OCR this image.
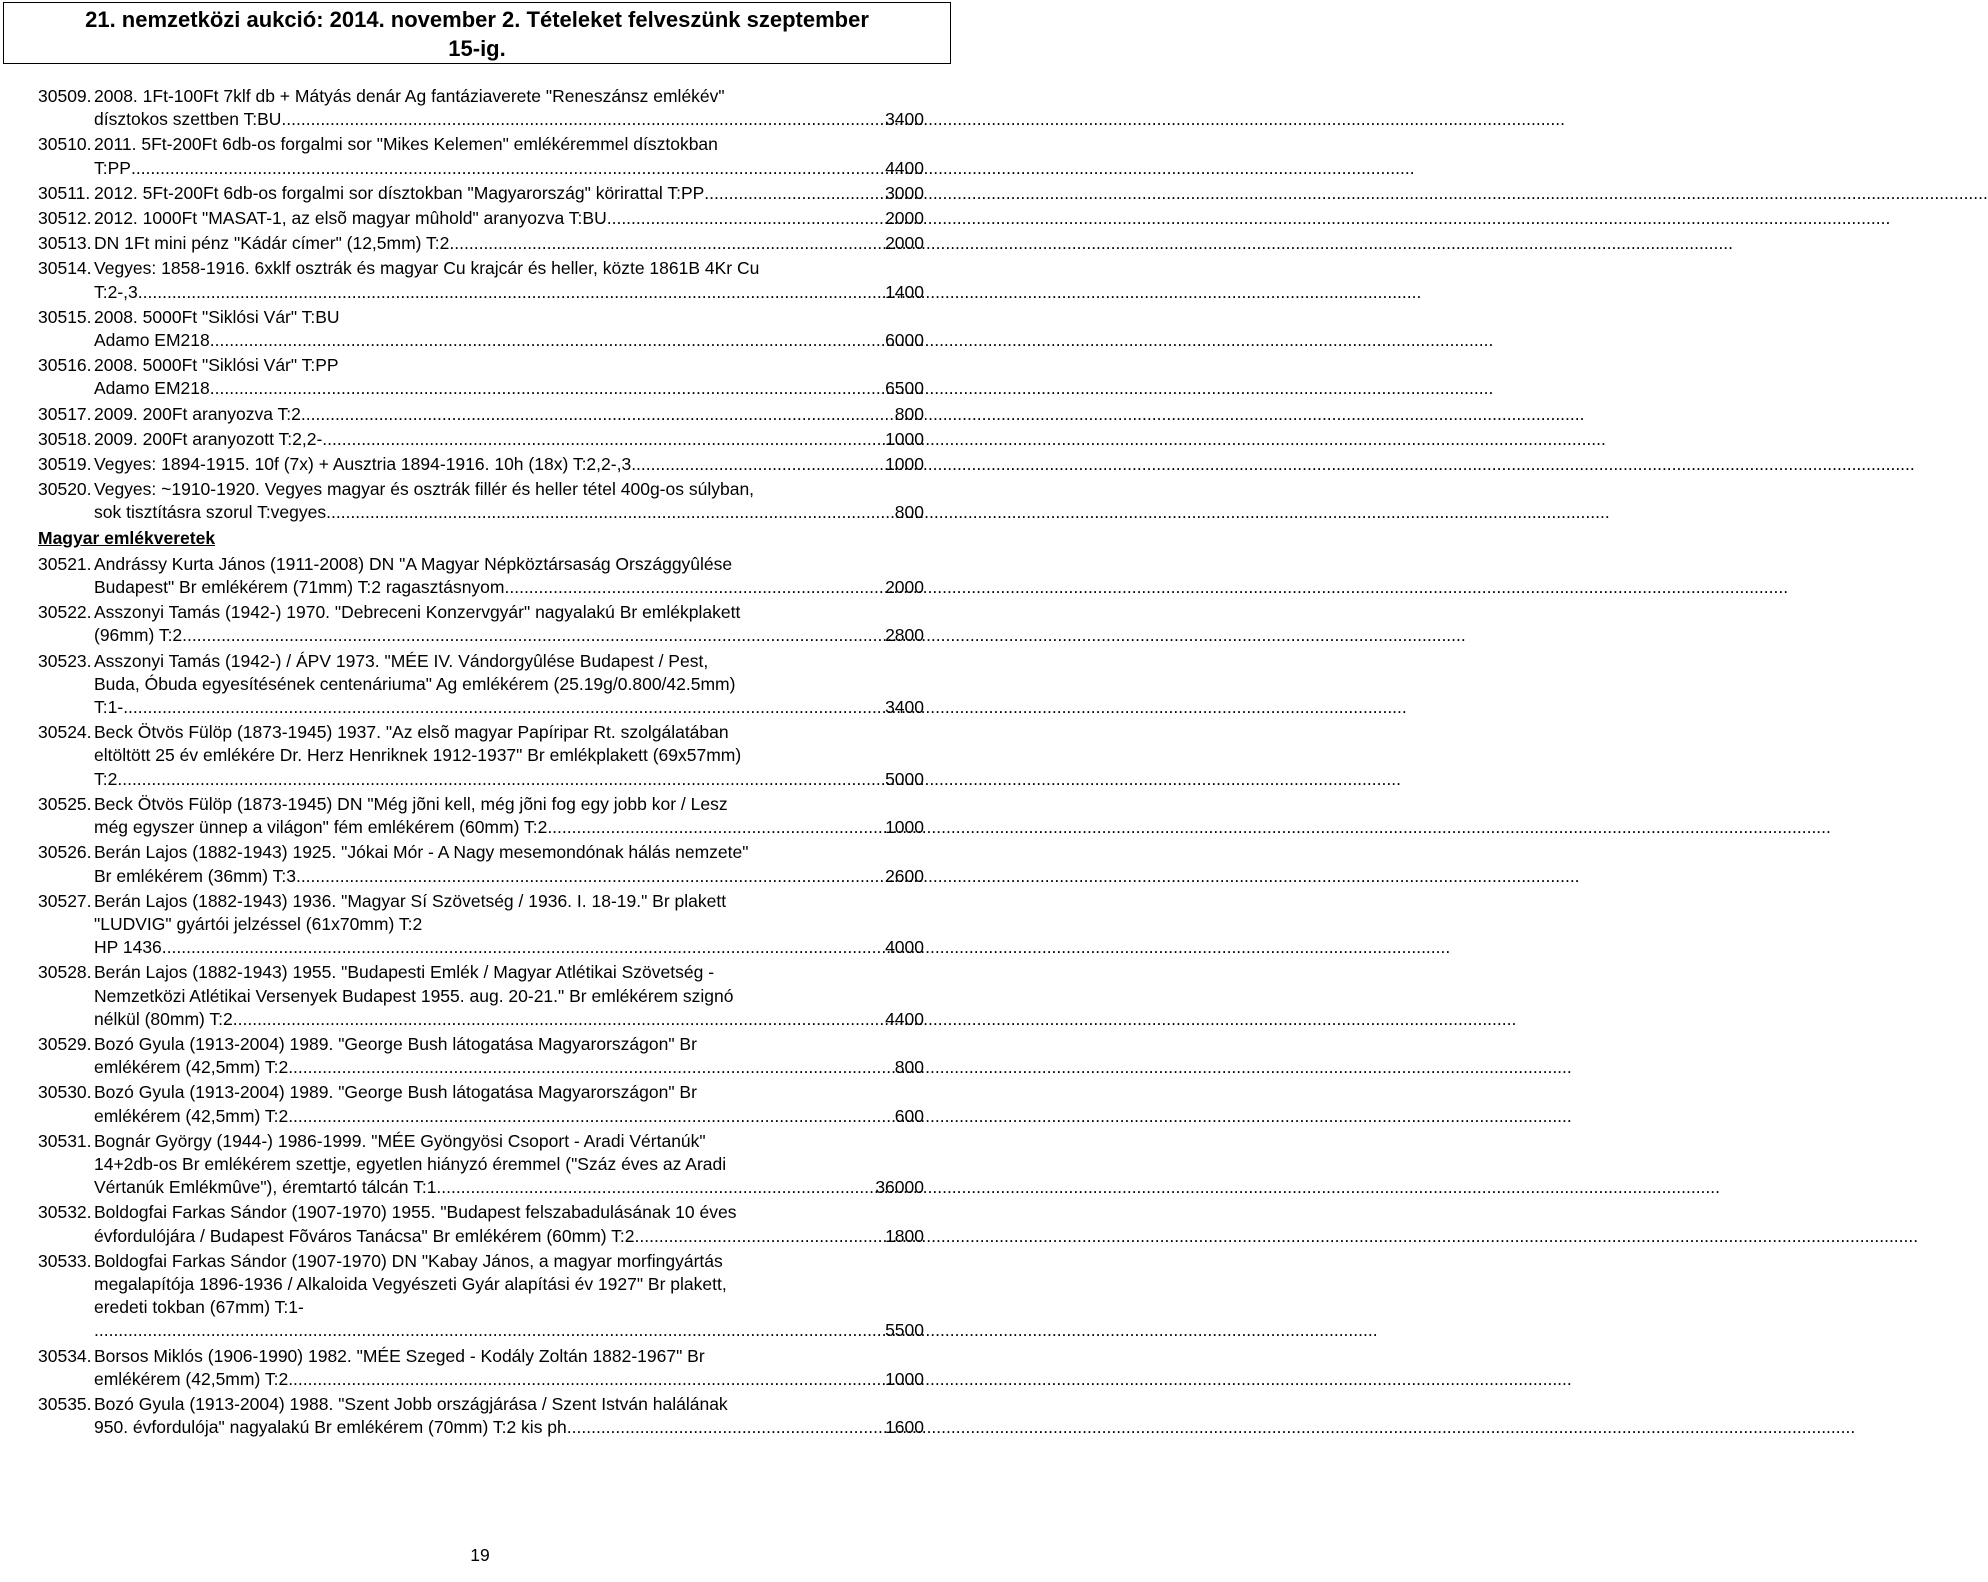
21. nemzetközi aukció: 2014. november 2. Tételeket felveszünk szeptember
15-ig.
30509. 2008. 1Ft-100Ft 7klf db + Mátyás denár Ag fantáziaverete "Reneszánsz emlékév"
dísztokos szettben T:BU .....	3400
30510. 2011. 5Ft-200Ft 6db-os forgalmi sor "Mikes Kelemen" emlékéremmel dísztokban
T:PP .....	4400
30511. 2012. 5Ft-200Ft 6db-os forgalmi sor dísztokban "Magyarország" körirattal T:PP .....	3000
30512. 2012. 1000Ft "MASAT-1, az elsõ magyar mûhold" aranyozva T:BU .....	2000
30513. DN 1Ft mini pénz "Kádár címer" (12,5mm) T:2 .....	2000
30514. Vegyes: 1858-1916. 6xklf osztrák és magyar Cu krajcár és heller, közte 1861B 4Kr Cu
T:2-,3 .....	1400
30515. 2008. 5000Ft "Siklósi Vár" T:BU
Adamo EM218 .....	6000
30516. 2008. 5000Ft "Siklósi Vár" T:PP
Adamo EM218 .....	6500
30517. 2009. 200Ft aranyozva T:2 .....	800
30518. 2009. 200Ft aranyozott T:2,2- .....	1000
30519. Vegyes: 1894-1915. 10f (7x) + Ausztria 1894-1916. 10h (18x) T:2,2-,3 .....	1000
30520. Vegyes: ~1910-1920. Vegyes magyar és osztrák fillér és heller tétel 400g-os súlyban,
sok tisztításra szorul T:vegyes .....	800
Magyar emlékveretek
30521. Andrássy Kurta János (1911-2008) DN "A Magyar Népköztársaság Országgyûlése
Budapest" Br emlékérem (71mm) T:2 ragasztásnyom .....	2000
30522. Asszonyi Tamás (1942-) 1970. "Debreceni Konzervgyár" nagyalakú Br emlékplakett
(96mm) T:2 .....	2800
30523. Asszonyi Tamás (1942-) / ÁPV 1973. "MÉE IV. Vándorgyûlése Budapest / Pest,
Buda, Óbuda egyesítésének centenáriuma" Ag emlékérem (25.19g/0.800/42.5mm)
T:1- .....	3400
30524. Beck Ötvös Fülöp (1873-1945) 1937. "Az elsõ magyar Papíripar Rt. szolgálatában
eltöltött 25 év emlékére Dr. Herz Henriknek 1912-1937" Br emlékplakett (69x57mm)
T:2 .....	5000
30525. Beck Ötvös Fülöp (1873-1945) DN "Még jõni kell, még jõni fog egy jobb kor / Lesz
még egyszer ünnep a világon" fém emlékérem (60mm) T:2 .....	1000
30526. Berán Lajos (1882-1943) 1925. "Jókai Mór - A Nagy mesemondónak hálás nemzete"
Br emlékérem (36mm) T:3 .....	2600
30527. Berán Lajos (1882-1943) 1936. "Magyar Sí Szövetség / 1936. I. 18-19." Br plakett
"LUDVIG" gyártói jelzéssel (61x70mm) T:2
HP 1436. .....	4000
30528. Berán Lajos (1882-1943) 1955. "Budapesti Emlék / Magyar Atlétikai Szövetség -
Nemzetközi Atlétikai Versenyek Budapest 1955. aug. 20-21." Br emlékérem szignó
nélkül (80mm) T:2 .....	4400
30529. Bozó Gyula (1913-2004) 1989. "George Bush látogatása Magyarországon" Br
emlékérem (42,5mm) T:2 .....	800
30530. Bozó Gyula (1913-2004) 1989. "George Bush látogatása Magyarországon" Br
emlékérem (42,5mm) T:2 .....	600
30531. Bognár György (1944-) 1986-1999. "MÉE Gyöngyösi Csoport - Aradi Vértanúk"
14+2db-os Br emlékérem szettje, egyetlen hiányzó éremmel ("Száz éves az Aradi
Vértanúk Emlékmûve"), éremtartó tálcán T:1 .....	36000
30532. Boldogfai Farkas Sándor (1907-1970) 1955. "Budapest felszabadulásának 10 éves
évfordulójára / Budapest Fõváros Tanácsa" Br emlékérem (60mm) T:2 .....	1800
30533. Boldogfai Farkas Sándor (1907-1970) DN "Kabay János, a magyar morfingyártás
megalapítója 1896-1936 / Alkaloida Vegyészeti Gyár alapítási év 1927" Br plakett,
eredeti tokban (67mm) T:1-
.....
5500
30534. Borsos Miklós (1906-1990) 1982. "MÉE Szeged - Kodály Zoltán 1882-1967" Br
emlékérem (42,5mm) T:2 .....	1000
30535. Bozó Gyula (1913-2004) 1988. "Szent Jobb országjárása / Szent István halálának
950. évfordulója" nagyalakú Br emlékérem (70mm) T:2 kis ph. .....	1600
19
